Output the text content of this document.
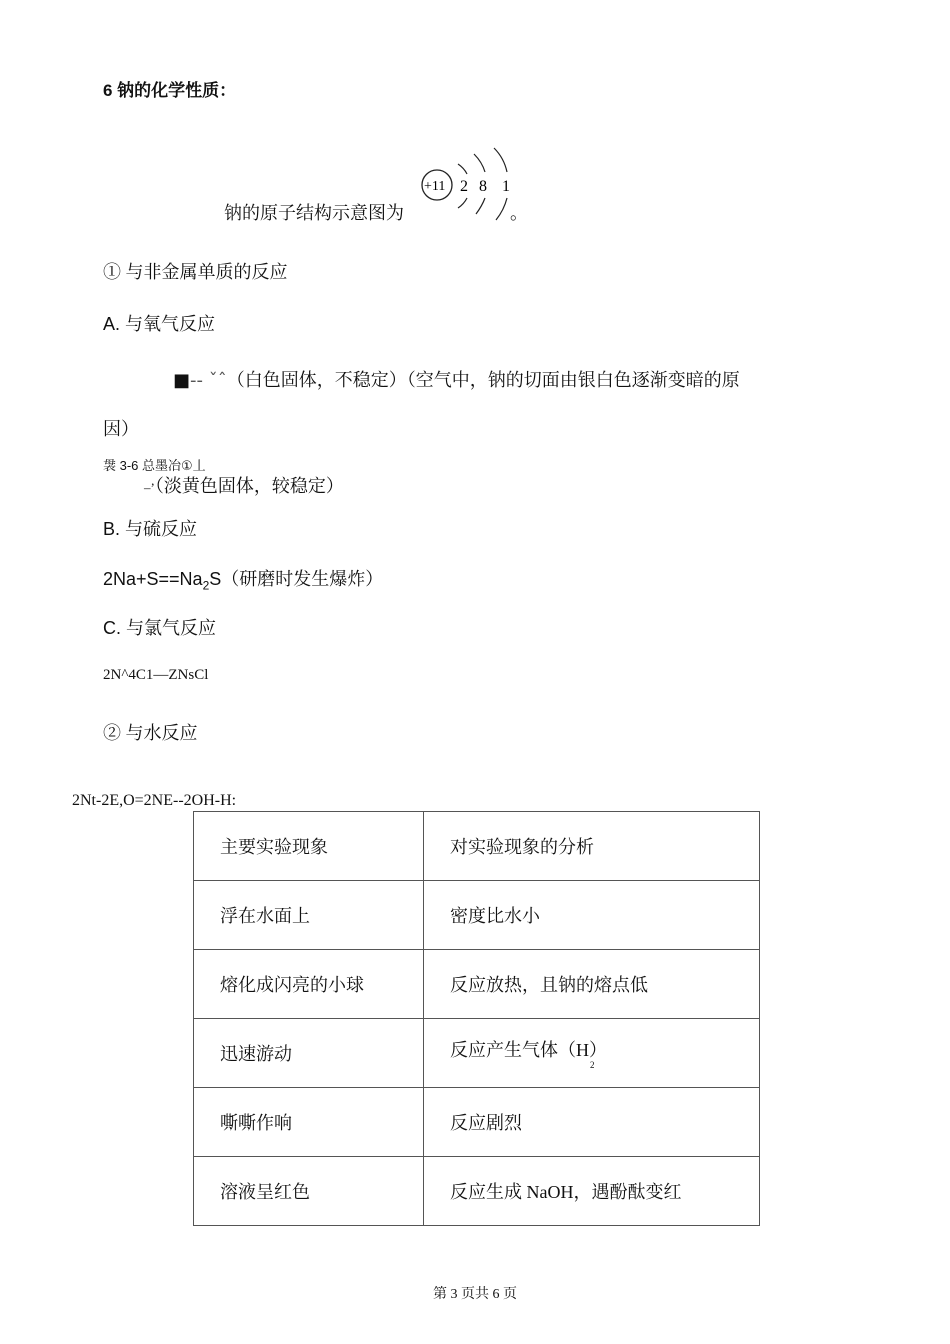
6 钠的化学性质：
+11 2 8 1
钠的原子结构示意图为	。
① 与非金属单质的反应
A. 与氧气反应
■-- ˇˆ（白色固体，不稳定）（空气中，钠的切面由银白色逐渐变暗的原
因）
袰 3-6 总墨冶①丄
–’（淡黄色固体，较稳定）
B. 与硫反应
$2Na+S==Na_2S$（研磨时发生爆炸）
C. 与氯气反应
2N^4C1—ZNsCl
② 与水反应
2Nt-2E,O=2NE--2OH-H:
主要实验现象	对实验现象的分析
浮在水面上	密度比水小
熔化成闪亮的小球	反应放热，且钠的熔点低
迅速游动	反应产生气体（H）
2

嘶嘶作响	反应剧烈
溶液呈红色	反应生成 NaOH，遇酚酞变红
第 3 页共 6 页
